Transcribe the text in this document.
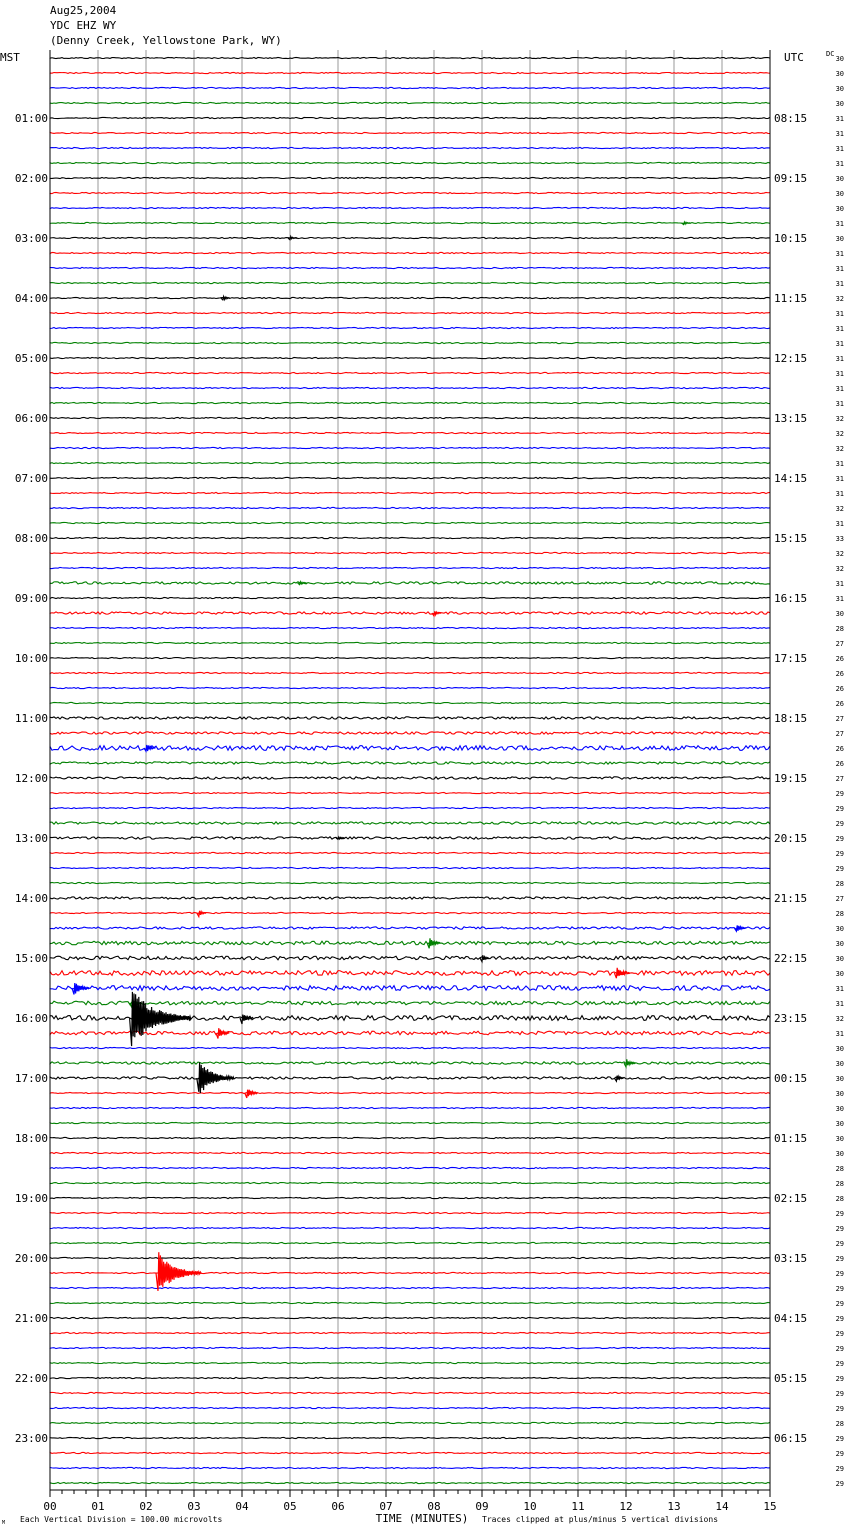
Aug25,2004
YDC EHZ WY
(Denny Creek, Yellowstone Park, WY)
00	01	02	03	04	05	06	07	08	09	10	11	12	13	14	15
TIME (MINUTES)
MST	UTC	DC
01:00
02:00
03:00
04:00
05:00
06:00
07:00
08:00
09:00
10:00
11:00
12:00
13:00
14:00
15:00
16:00
17:00
18:00
19:00
20:00
21:00
22:00
23:00
08:15
09:15
10:15
11:15
12:15
13:15
14:15
15:15
16:15
17:15
18:15
19:15
20:15
21:15
22:15
23:15
00:15
01:15
02:15
03:15
04:15
05:15
06:15
30
30
30
30
31
31
31
31
30
30
30
31
30
31
31
31
32
31
31
31
31
31
31
31
32
32
32
31
31
31
32
31
33
32
32
31
31
30
28
27
26
26
26
26
27
27
26
26
27
29
29
29
29
29
29
28
27
28
30
30
30
30
31
31
32
31
30
30
30
30
30
30
30
30
28
28
28
29
29
29
29
29
29
29
29
29
29
29
29
29
29
28
29
29
29
29
Each Vertical Division = 100.00 microvolts	Traces clipped at plus/minus 5 vertical divisions
M
